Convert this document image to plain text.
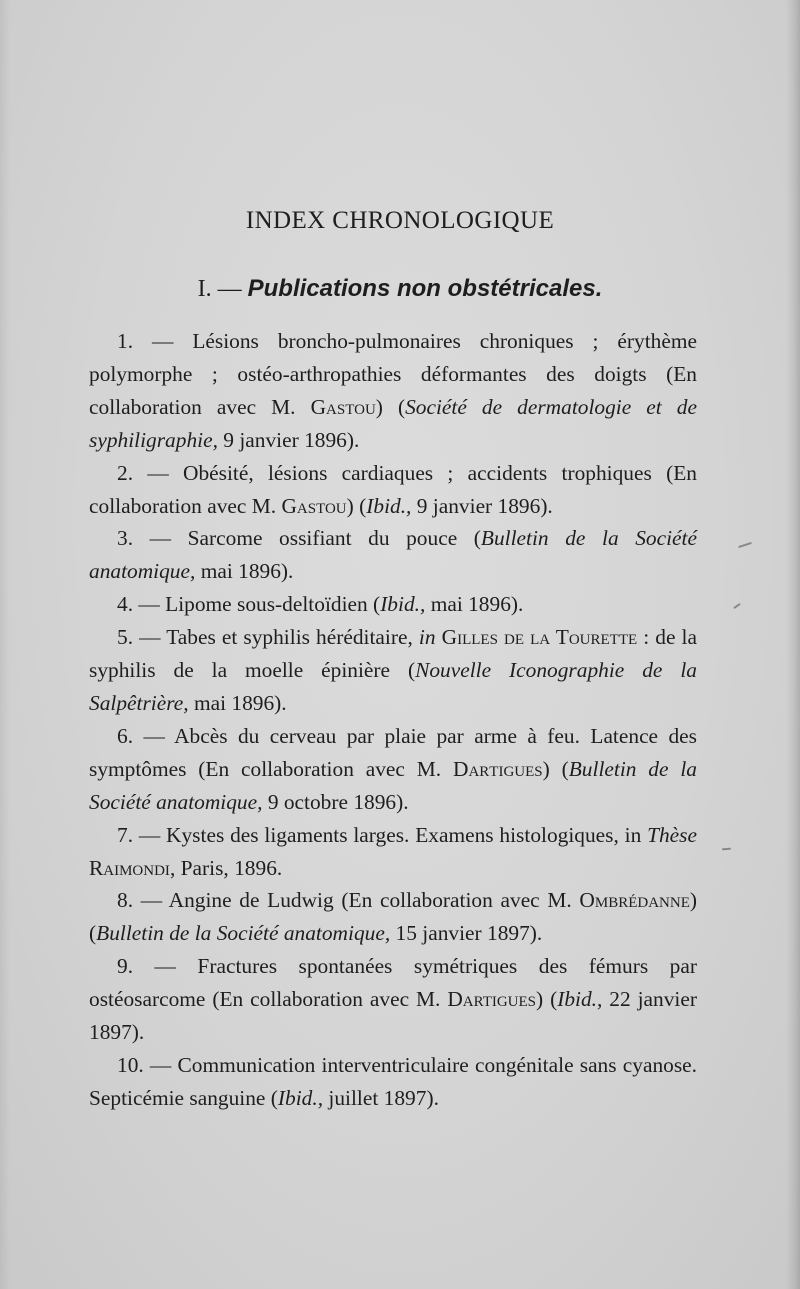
INDEX CHRONOLOGIQUE
I. — Publications non obstétricales.

1. — Lésions broncho-pulmonaires chroniques ; érythème polymorphe ; ostéo-arthropathies déformantes des doigts (En collaboration avec M. Gastou) (Société de dermatologie et de syphiligraphie, 9 janvier 1896).

2. — Obésité, lésions cardiaques ; accidents trophiques (En collaboration avec M. Gastou) (Ibid., 9 janvier 1896).

3. — Sarcome ossifiant du pouce (Bulletin de la Société anatomique, mai 1896).

4. — Lipome sous-deltoïdien (Ibid., mai 1896).

5. — Tabes et syphilis héréditaire, in Gilles de la Tourette : de la syphilis de la moelle épinière (Nouvelle Iconographie de la Salpêtrière, mai 1896).

6. — Abcès du cerveau par plaie par arme à feu. Latence des symptômes (En collaboration avec M. Dartigues) (Bulletin de la Société anatomique, 9 octobre 1896).

7. — Kystes des ligaments larges. Examens histologiques, in Thèse Raimondi, Paris, 1896.

8. — Angine de Ludwig (En collaboration avec M. Ombrédanne) (Bulletin de la Société anatomique, 15 janvier 1897).

9. — Fractures spontanées symétriques des fémurs par ostéosarcome (En collaboration avec M. Dartigues) (Ibid., 22 janvier 1897).

10. — Communication interventriculaire congénitale sans cyanose. Septicémie sanguine (Ibid., juillet 1897).
